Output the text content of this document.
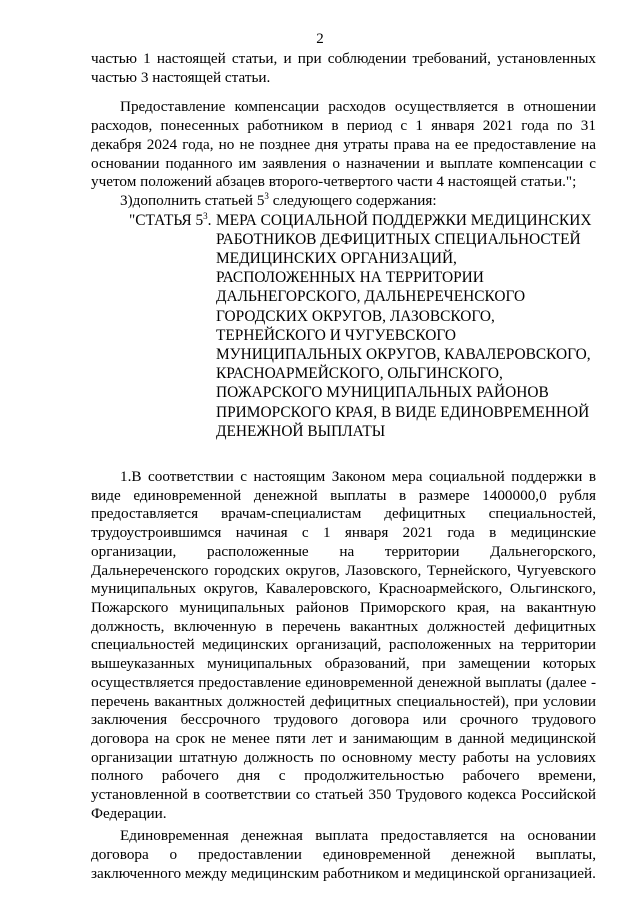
2

частью 1 настоящей статьи, и при соблюдении требований, установленных частью 3 настоящей статьи.

Предоставление компенсации расходов осуществляется в отношении расходов, понесенных работником в период с 1 января 2021 года по 31 декабря 2024 года, но не позднее дня утраты права на ее предоставление на основании поданного им заявления о назначении и выплате компенсации с учетом положений абзацев второго-четвертого части 4 настоящей статьи.";

3)дополнить статьей $5^3$ следующего содержания:

"СТАТЬЯ $5^3$. МЕРА СОЦИАЛЬНОЙ ПОДДЕРЖКИ МЕДИЦИНСКИХ
РАБОТНИКОВ ДЕФИЦИТНЫХ СПЕЦИАЛЬНОСТЕЙ
МЕДИЦИНСКИХ ОРГАНИЗАЦИЙ,
РАСПОЛОЖЕННЫХ НА ТЕРРИТОРИИ
ДАЛЬНЕГОРСКОГО, ДАЛЬНЕРЕЧЕНСКОГО
ГОРОДСКИХ ОКРУГОВ, ЛАЗОВСКОГО,
ТЕРНЕЙСКОГО И ЧУГУЕВСКОГО
МУНИЦИПАЛЬНЫХ ОКРУГОВ, КАВАЛЕРОВСКОГО,
КРАСНОАРМЕЙСКОГО, ОЛЬГИНСКОГО,
ПОЖАРСКОГО МУНИЦИПАЛЬНЫХ РАЙОНОВ
ПРИМОРСКОГО КРАЯ, В ВИДЕ ЕДИНОВРЕМЕННОЙ
ДЕНЕЖНОЙ ВЫПЛАТЫ

1.В соответствии с настоящим Законом мера социальной поддержки в виде единовременной денежной выплаты в размере 1400000,0 рубля предоставляется врачам-специалистам дефицитных специальностей, трудоустроившимся начиная с 1 января 2021 года в медицинские организации, расположенные на территории Дальнегорского, Дальнереченского городских округов, Лазовского, Тернейского, Чугуевского муниципальных округов, Кавалеровского, Красноармейского, Ольгинского, Пожарского муниципальных районов Приморского края, на вакантную должность, включенную в перечень вакантных должностей дефицитных специальностей медицинских организаций, расположенных на территории вышеуказанных муниципальных образований, при замещении которых осуществляется предоставление единовременной денежной выплаты (далее - перечень вакантных должностей дефицитных специальностей), при условии заключения бессрочного трудового договора или срочного трудового договора на срок не менее пяти лет и занимающим в данной медицинской организации штатную должность по основному месту работы на условиях полного рабочего дня с продолжительностью рабочего времени, установленной в соответствии со статьей 350 Трудового кодекса Российской Федерации.

Единовременная денежная выплата предоставляется на основании договора о предоставлении единовременной денежной выплаты, заключенного между медицинским работником и медицинской организацией.
